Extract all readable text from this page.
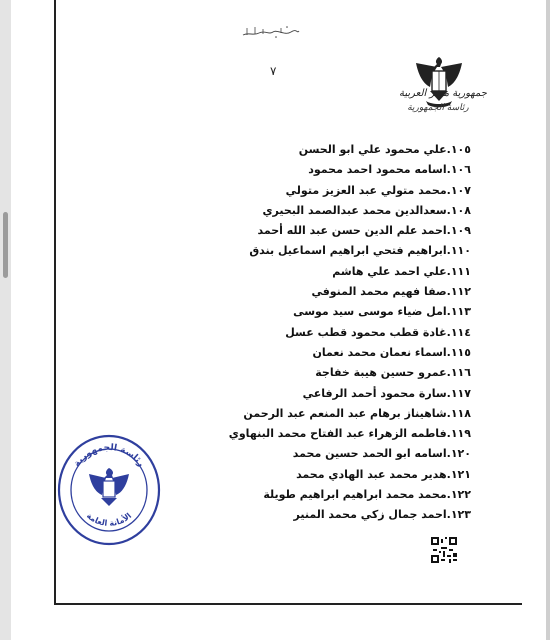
٧
جمهورية مصر العربية
رئاسة الجمهورية
١٠٥.علي محمود علي ابو الحسن
١٠٦.اسامه محمود احمد محمود
١٠٧.محمد متولي عبد العزيز متولي
١٠٨.سعدالدين محمد عبدالصمد البحيري
١٠٩.احمد علم الدين حسن عبد الله أحمد
١١٠.ابراهيم فتحي ابراهيم اسماعيل بندق
١١١.علي احمد علي هاشم
١١٢.صفا فهيم محمد المنوفي
١١٣.امل ضياء موسى سيد موسى
١١٤.غادة قطب محمود قطب عسل
١١٥.اسماء نعمان محمد نعمان
١١٦.عمرو حسين هيبة خفاجة
١١٧.سارة محمود أحمد الرفاعي
١١٨.شاهيناز برهام عبد المنعم عبد الرحمن
١١٩.فاطمه الزهراء عبد الفتاح محمد البنهاوي
١٢٠.اسامه ابو الحمد حسين محمد
١٢١.هدير محمد عبد الهادي محمد
١٢٢.محمد محمد ابراهيم ابراهيم طويلة
١٢٣.احمد جمال زكي محمد المنير
رئاسة الجمهورية
الأمانة العامة
